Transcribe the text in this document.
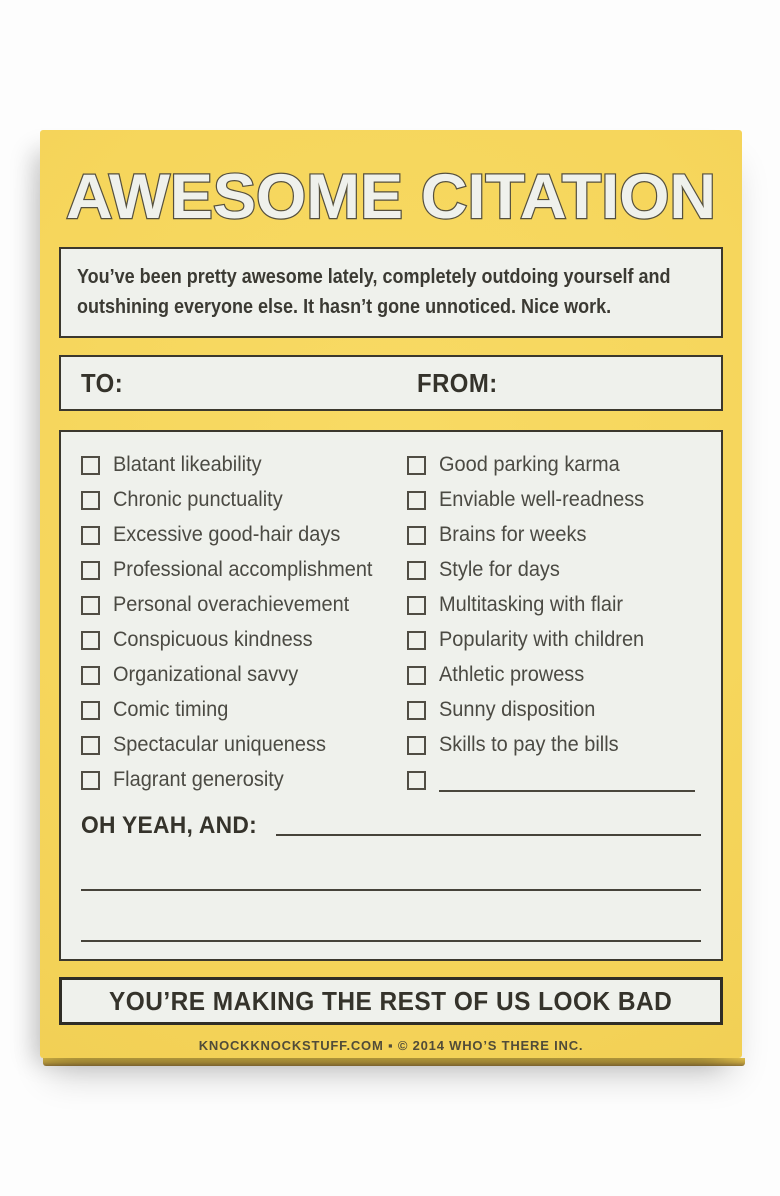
AWESOME CITATION
You’ve been pretty awesome lately, completely outdoing yourself and
outshining everyone else. It hasn’t gone unnoticed. Nice work.
TO:	FROM:
Blatant likeability
Chronic punctuality
Excessive good-hair days
Professional accomplishment
Personal overachievement
Conspicuous kindness
Organizational savvy
Comic timing
Spectacular uniqueness
Flagrant generosity
Good parking karma
Enviable well-readness
Brains for weeks
Style for days
Multitasking with flair
Popularity with children
Athletic prowess
Sunny disposition
Skills to pay the bills
OH YEAH, AND:
YOU’RE MAKING THE REST OF US LOOK BAD
KNOCKKNOCKSTUFF.COM ▪ © 2014 WHO’S THERE INC.
